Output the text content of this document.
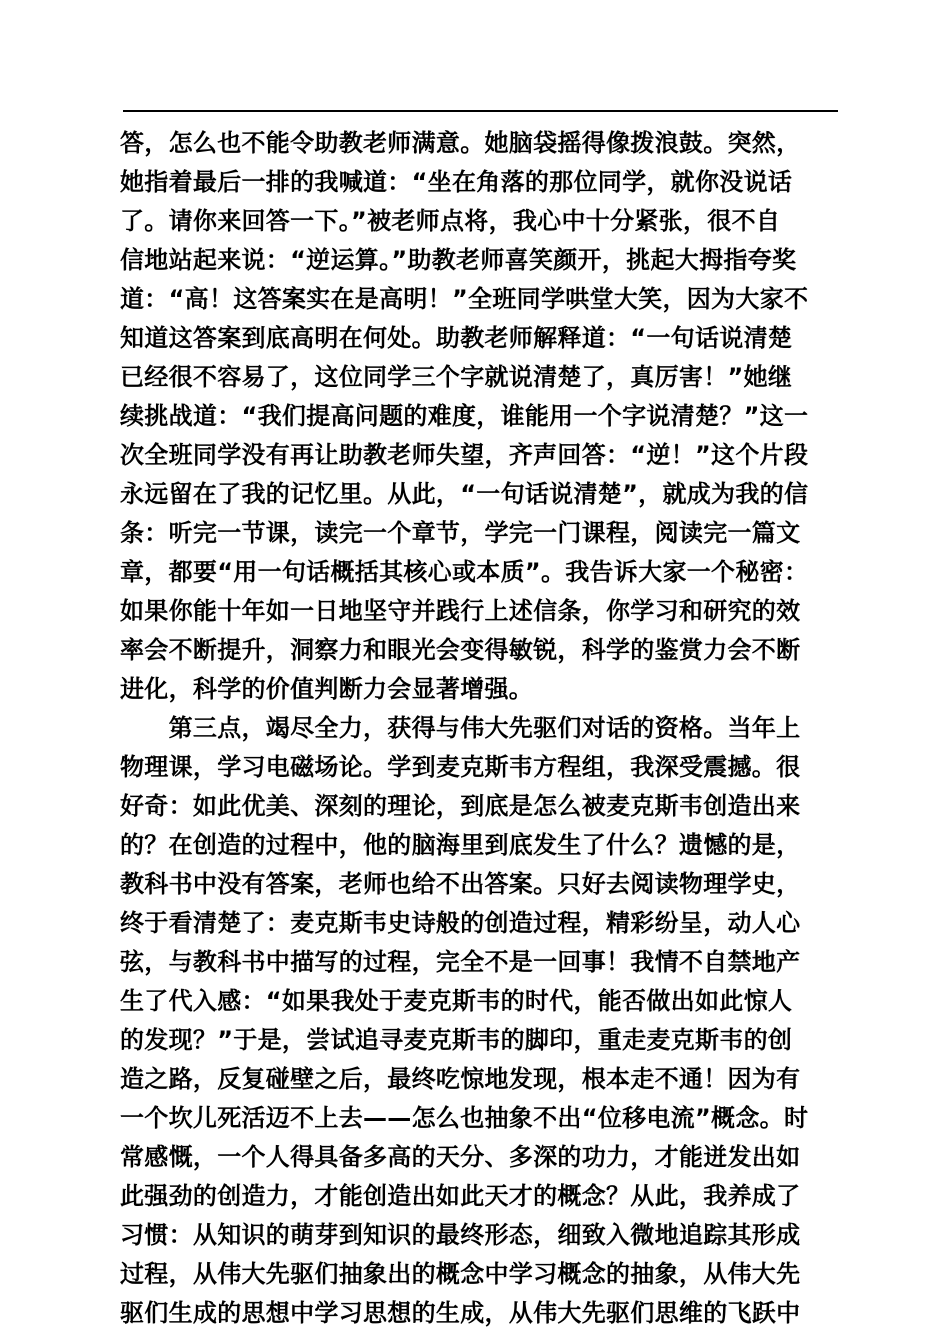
答，怎么也不能令助教老师满意。她脑袋摇得像拨浪鼓。突然，
她指着最后一排的我喊道：“坐在角落的那位同学，就你没说话
了。请你来回答一下。”被老师点将，我心中十分紧张，很不自
信地站起来说：“逆运算。”助教老师喜笑颜开，挑起大拇指夸奖
道：“高！这答案实在是高明！”全班同学哄堂大笑，因为大家不
知道这答案到底高明在何处。助教老师解释道：“一句话说清楚
已经很不容易了，这位同学三个字就说清楚了，真厉害！”她继
续挑战道：“我们提高问题的难度，谁能用一个字说清楚？”这一
次全班同学没有再让助教老师失望，齐声回答：“逆！”这个片段
永远留在了我的记忆里。从此，“一句话说清楚”，就成为我的信
条：听完一节课，读完一个章节，学完一门课程，阅读完一篇文
章，都要“用一句话概括其核心或本质”。我告诉大家一个秘密：
如果你能十年如一日地坚守并践行上述信条，你学习和研究的效
率会不断提升，洞察力和眼光会变得敏锐，科学的鉴赏力会不断
进化，科学的价值判断力会显著增强。
　　第三点，竭尽全力，获得与伟大先驱们对话的资格。当年上
物理课，学习电磁场论。学到麦克斯韦方程组，我深受震撼。很
好奇：如此优美、深刻的理论，到底是怎么被麦克斯韦创造出来
的？在创造的过程中，他的脑海里到底发生了什么？遗憾的是，
教科书中没有答案，老师也给不出答案。只好去阅读物理学史，
终于看清楚了：麦克斯韦史诗般的创造过程，精彩纷呈，动人心
弦，与教科书中描写的过程，完全不是一回事！我情不自禁地产
生了代入感：“如果我处于麦克斯韦的时代，能否做出如此惊人
的发现？”于是，尝试追寻麦克斯韦的脚印，重走麦克斯韦的创
造之路，反复碰壁之后，最终吃惊地发现，根本走不通！因为有
一个坎儿死活迈不上去——怎么也抽象不出“位移电流”概念。时
常感慨，一个人得具备多高的天分、多深的功力，才能迸发出如
此强劲的创造力，才能创造出如此天才的概念？从此，我养成了
习惯：从知识的萌芽到知识的最终形态，细致入微地追踪其形成
过程，从伟大先驱们抽象出的概念中学习概念的抽象，从伟大先
驱们生成的思想中学习思想的生成，从伟大先驱们思维的飞跃中
